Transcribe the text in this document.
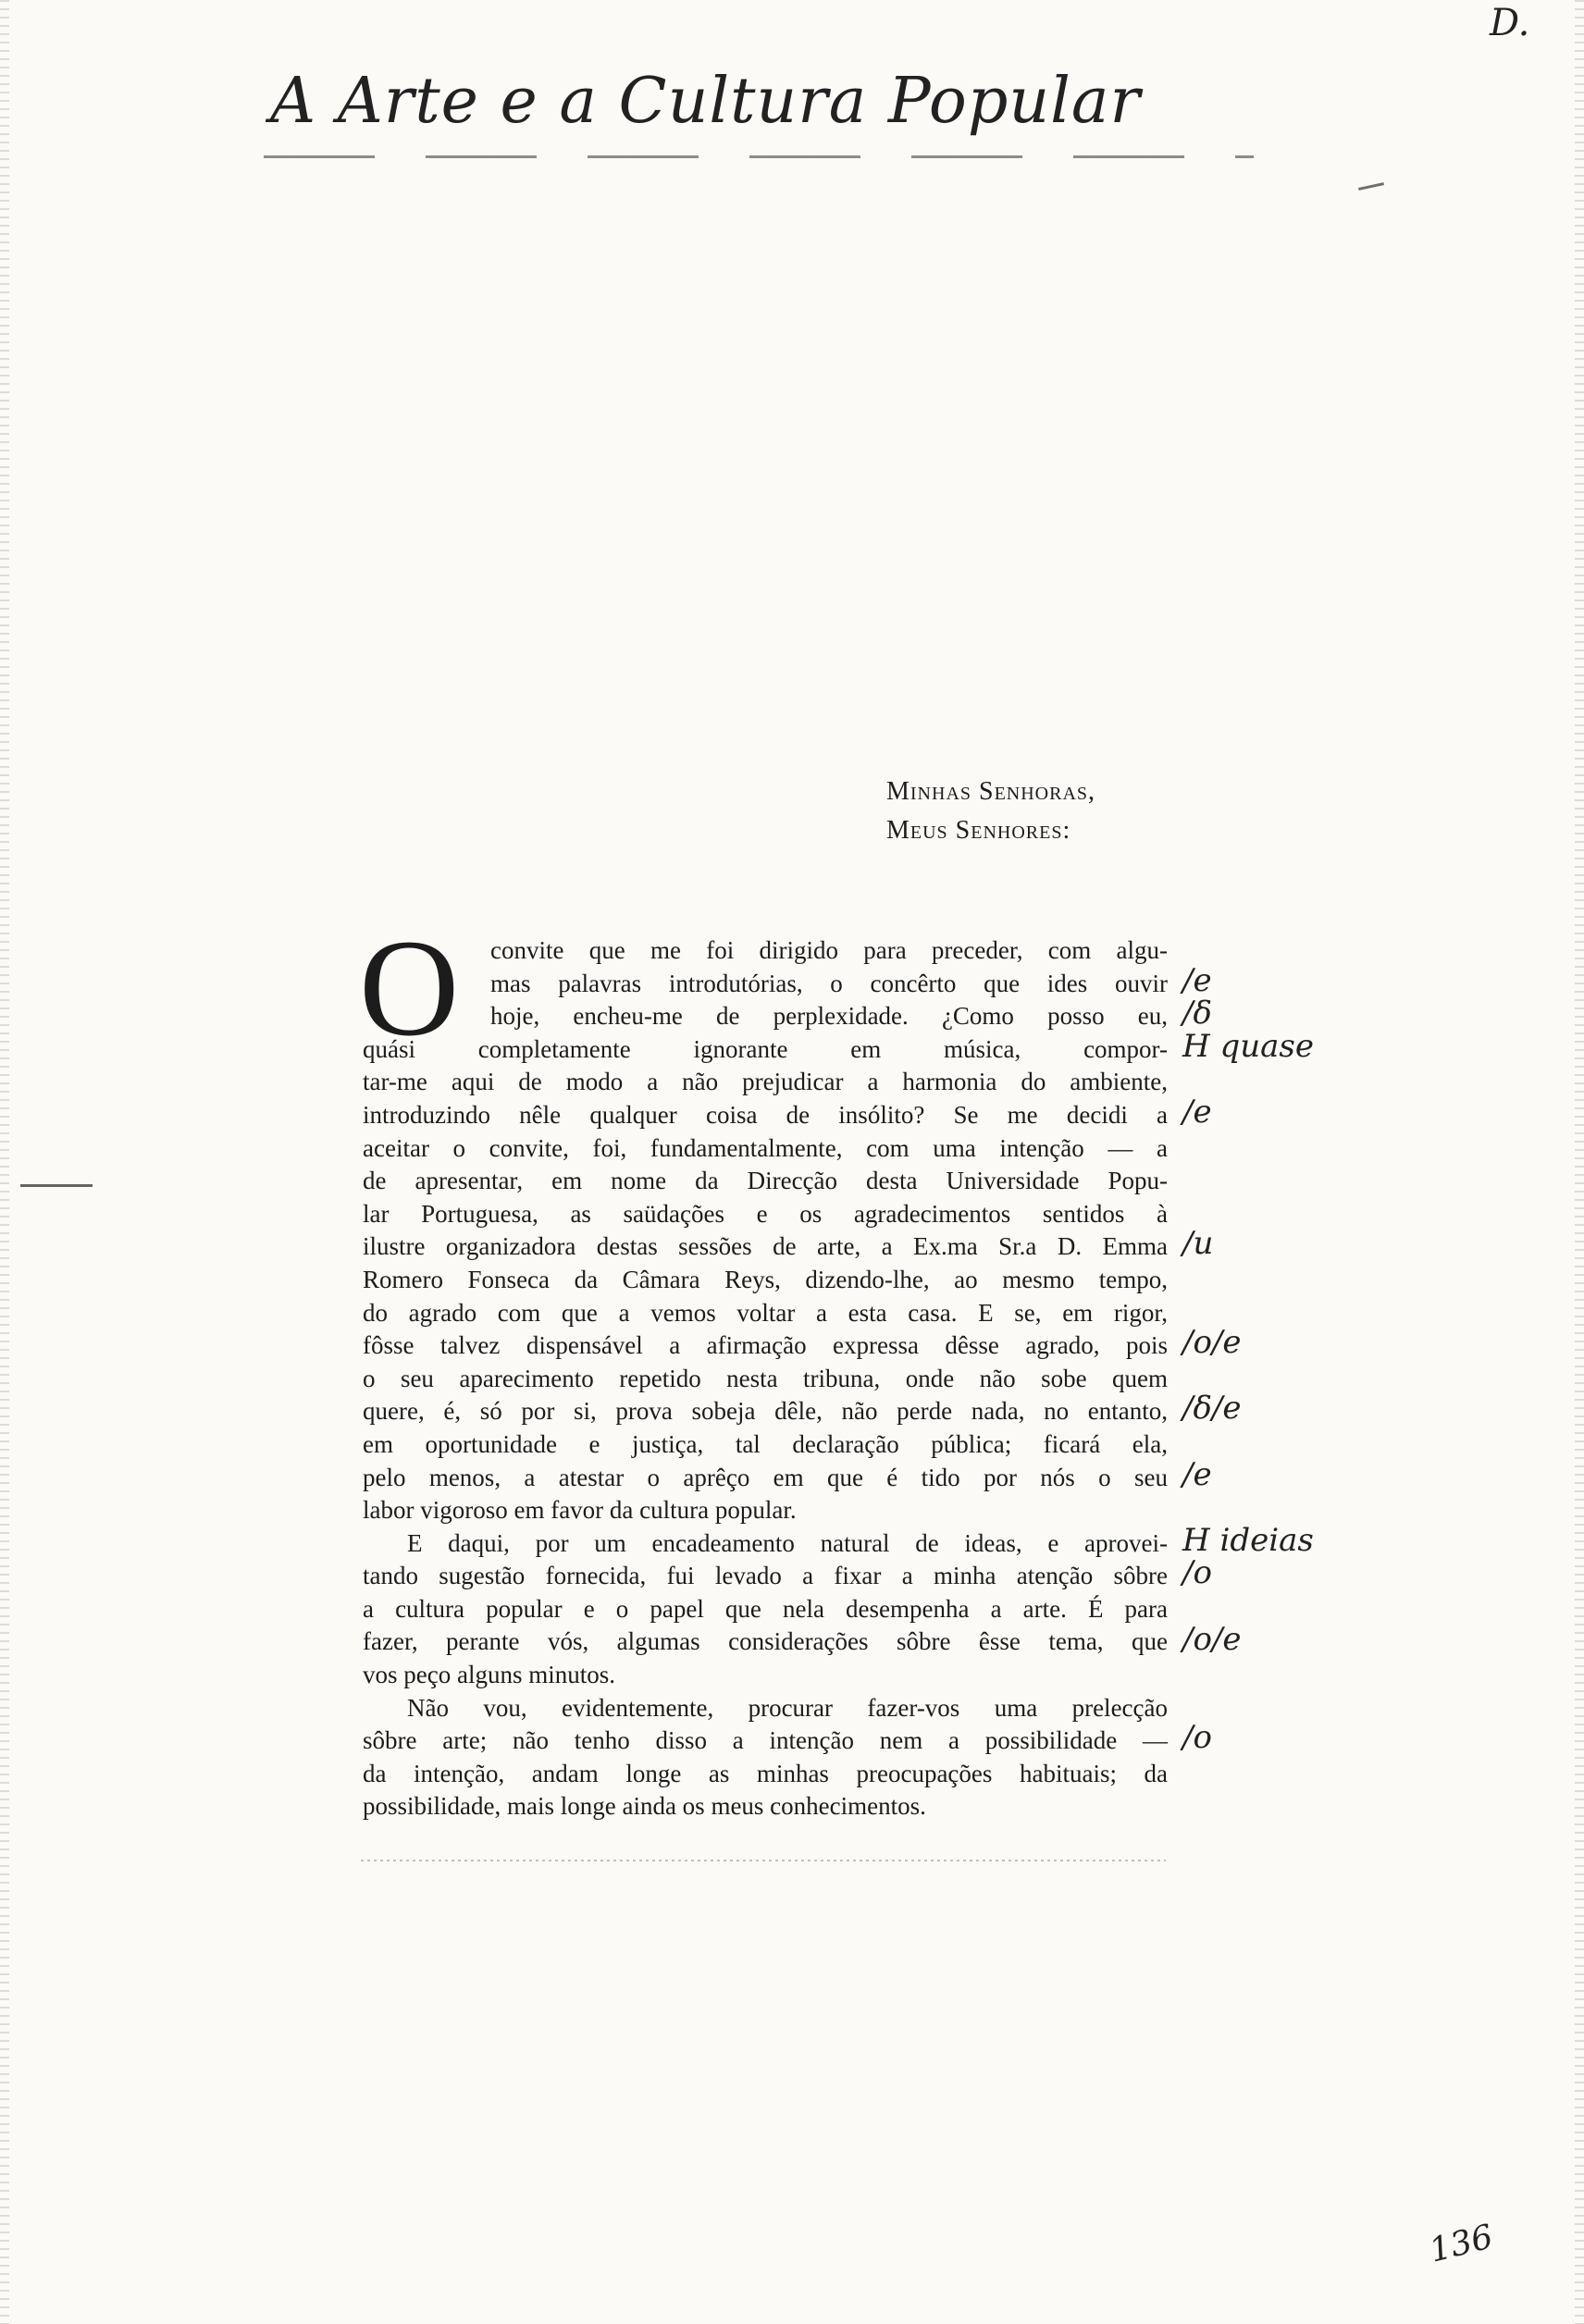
A Arte e a Cultura Popular
D.
Minhas Senhoras,
Meus Senhores:
O	convite que me foi dirigido para preceder, com algu-
mas palavras introdutórias, o concêrto que ides ouvir
hoje, encheu-me de perplexidade. ¿Como posso eu,
quási completamente ignorante em música, compor-
tar-me aqui de modo a não prejudicar a harmonia do ambiente,
introduzindo nêle qualquer coisa de insólito? Se me decidi a
aceitar o convite, foi, fundamentalmente, com uma intenção — a
de apresentar, em nome da Direcção desta Universidade Popu-
lar Portuguesa, as saüdações e os agradecimentos sentidos à
ilustre organizadora destas sessões de arte, a Ex.ma Sr.a D. Emma
Romero Fonseca da Câmara Reys, dizendo-lhe, ao mesmo tempo,
do agrado com que a vemos voltar a esta casa. E se, em rigor,
fôsse talvez dispensável a afirmação expressa dêsse agrado, pois
o seu aparecimento repetido nesta tribuna, onde não sobe quem
quere, é, só por si, prova sobeja dêle, não perde nada, no entanto,
em oportunidade e justiça, tal declaração pública; ficará ela,
pelo menos, a atestar o aprêço em que é tido por nós o seu
labor vigoroso em favor da cultura popular.
E daqui, por um encadeamento natural de ideas, e aprovei-
tando sugestão fornecida, fui levado a fixar a minha atenção sôbre
a cultura popular e o papel que nela desempenha a arte. É para
fazer, perante vós, algumas considerações sôbre êsse tema, que
vos peço alguns minutos.
Não vou, evidentemente, procurar fazer-vos uma prelecção
sôbre arte; não tenho disso a intenção nem a possibilidade —
da intenção, andam longe as minhas preocupações habituais; da
possibilidade, mais longe ainda os meus conhecimentos.
/e
/δ
H quase
/e
/u
/o/e
/δ/e
/e
H ideias
/o
/o/e
/o
136
